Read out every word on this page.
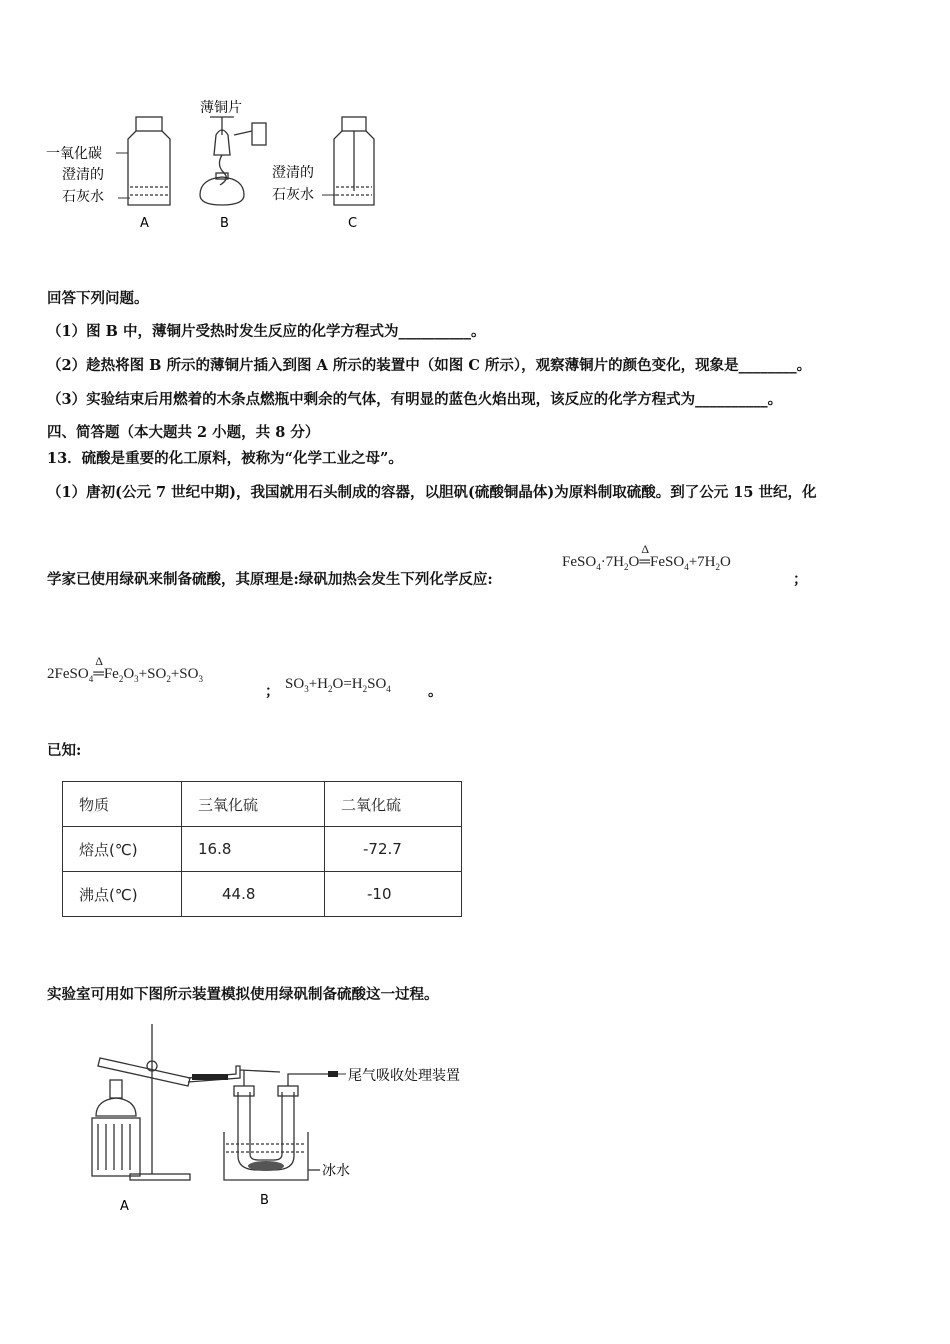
一氧化碳
澄清的
石灰水
A
薄铜片
B
澄清的
石灰水
C
回答下列问题。
（1）图 B 中，薄铜片受热时发生反应的化学方程式为__________。
（2）趁热将图 B 所示的薄铜片插入到图 A 所示的装置中（如图 C 所示），观察薄铜片的颜色变化，现象是________。
（3）实验结束后用燃着的木条点燃瓶中剩余的气体，有明显的蓝色火焰出现，该反应的化学方程式为__________。
四、简答题（本大题共 2 小题，共 8 分）
13．硫酸是重要的化工原料，被称为“化学工业之母”。
（1）唐初(公元 7 世纪中期)，我国就用石头制成的容器，以胆矾(硫酸铜晶体)为原料制取硫酸。到了公元 15 世纪，化
学家已使用绿矾来制备硫酸，其原理是:绿矾加热会发生下列化学反应:
$FeSO_4\cdot 7H_2O$
Δ
$═FeSO_4+7H_2O$
；
2FeSO$_4$
Δ
$═Fe_2O_3+SO_2+SO_3$
； $SO_3+H_2O=H_2SO_4$	。
已知:
物质	三氧化硫	二氧化硫
熔点(℃)	16.8	-72.7
沸点(℃)	44.8	-10
实验室可用如下图所示装置模拟使用绿矾制备硫酸这一过程。
尾气吸收处理装置
冰水
A	B
